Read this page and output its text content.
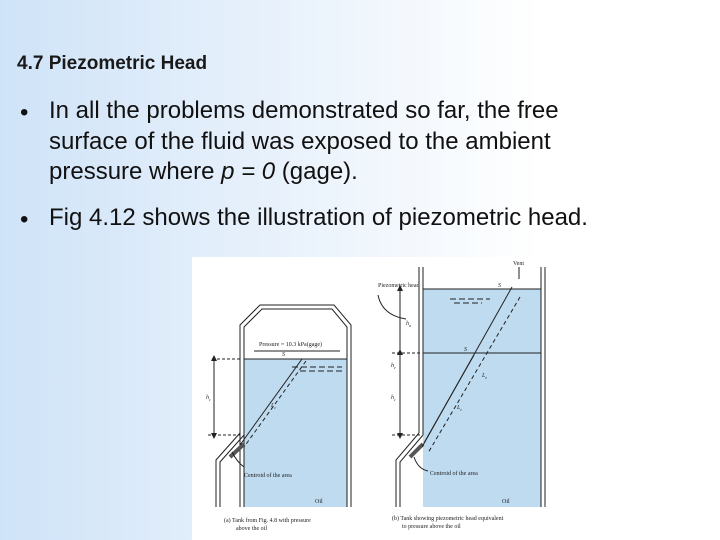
4.7 Piezometric Head
• In all the problems demonstrated so far, the free
surface of the fluid was exposed to the ambient
pressure where p = 0 (gage).
• Fig 4.12 shows the illustration of piezometric head.
Pressure = 10.3 kPa(gage)
S
$h_c$
$L_c$
Centroid of the area
Oil
(a) Tank from Fig. 4.8 with pressure
above the oil
Vent
Piezometric head	S
S
$h_a$
$h_e$
$h_c$
$L_e$
$L_c$
Centroid of the area
Oil
(b) Tank showing piezometric head equivalent
to pressure above the oil
